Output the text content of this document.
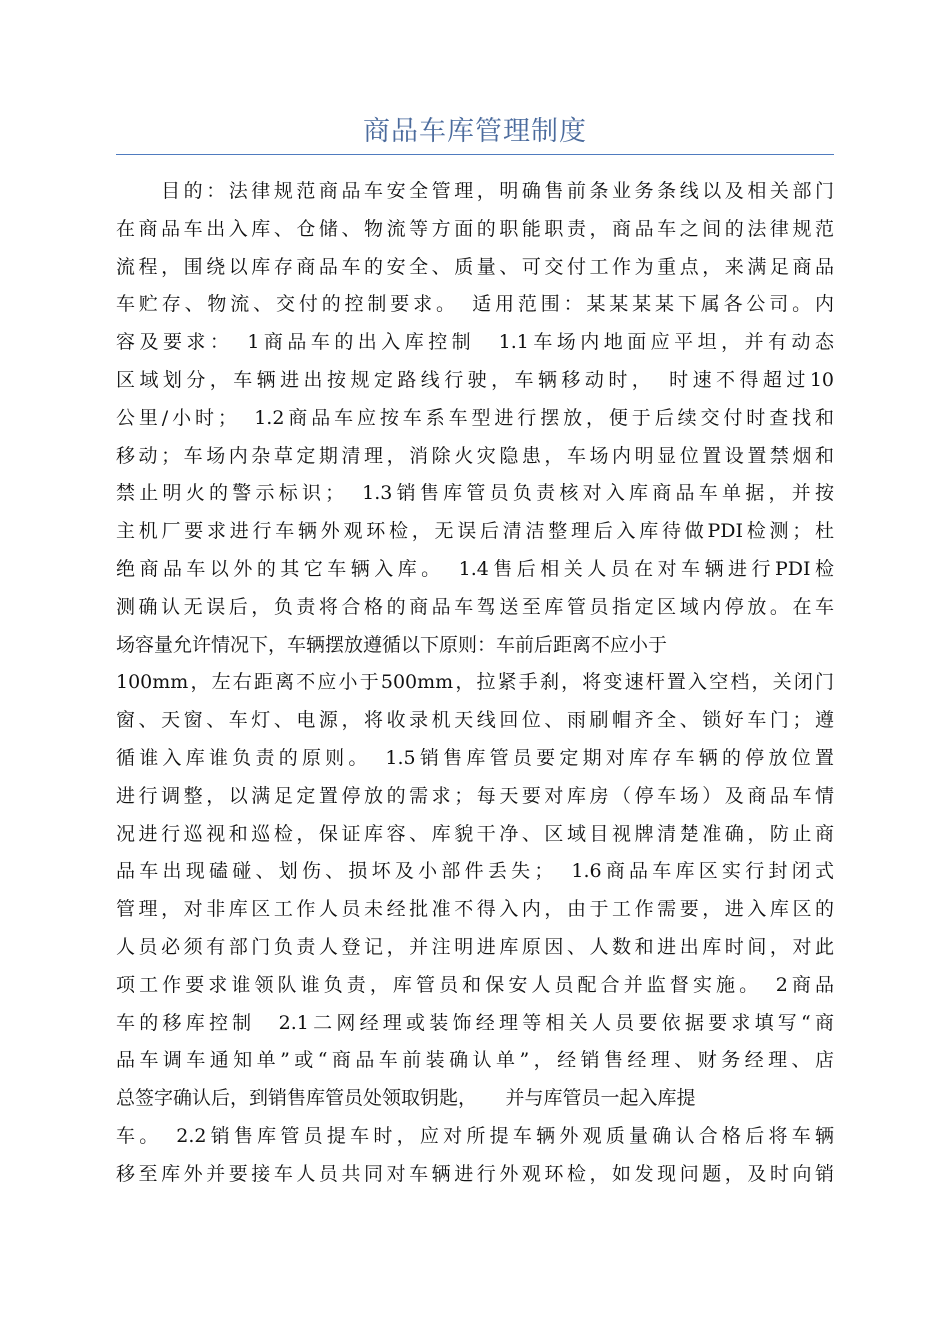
商品车库管理制度
　　目的：法律规范商品车安全管理，明确售前条业务条线以及相关部门
在商品车出入库、仓储、物流等方面的职能职责，商品车之间的法律规范
流程，围绕以库存商品车的安全、质量、可交付工作为重点，来满足商品
车贮存、物流、交付的控制要求。　适用范围：某某某某下属各公司。内
容及要求：　1商品车的出入库控制　1.1车场内地面应平坦，并有动态
区域划分，车辆进出按规定路线行驶，车辆移动时，　时速不得超过10
公里/小时；　1.2商品车应按车系车型进行摆放，便于后续交付时查找和
移动；车场内杂草定期清理，消除火灾隐患，车场内明显位置设置禁烟和
禁止明火的警示标识；　1.3销售库管员负责核对入库商品车单据，并按
主机厂要求进行车辆外观环检，无误后清洁整理后入库待做PDI检测；杜
绝商品车以外的其它车辆入库。　1.4售后相关人员在对车辆进行PDI检
测确认无误后，负责将合格的商品车驾送至库管员指定区域内停放。在车
场容量允许情况下，车辆摆放遵循以下原则：车前后距离不应小于
100mm，左右距离不应小于500mm，拉紧手刹，将变速杆置入空档，关闭门
窗、天窗、车灯、电源，将收录机天线回位、雨刷帽齐全、锁好车门；遵
循谁入库谁负责的原则。　1.5销售库管员要定期对库存车辆的停放位置
进行调整，以满足定置停放的需求；每天要对库房（停车场）及商品车情
况进行巡视和巡检，保证库容、库貌干净、区域目视牌清楚准确，防止商
品车出现磕碰、划伤、损坏及小部件丢失；　1.6商品车库区实行封闭式
管理，对非库区工作人员未经批准不得入内，由于工作需要，进入库区的
人员必须有部门负责人登记，并注明进库原因、人数和进出库时间，对此
项工作要求谁领队谁负责，库管员和保安人员配合并监督实施。　2商品
车的移库控制　2.1二网经理或装饰经理等相关人员要依据要求填写“商
品车调车通知单”或“商品车前装确认单”，经销售经理、财务经理、店
总签字确认后，到销售库管员处领取钥匙，　　并与库管员一起入库提
车。　2.2销售库管员提车时，应对所提车辆外观质量确认合格后将车辆
移至库外并要接车人员共同对车辆进行外观环检，如发现问题，及时向销
